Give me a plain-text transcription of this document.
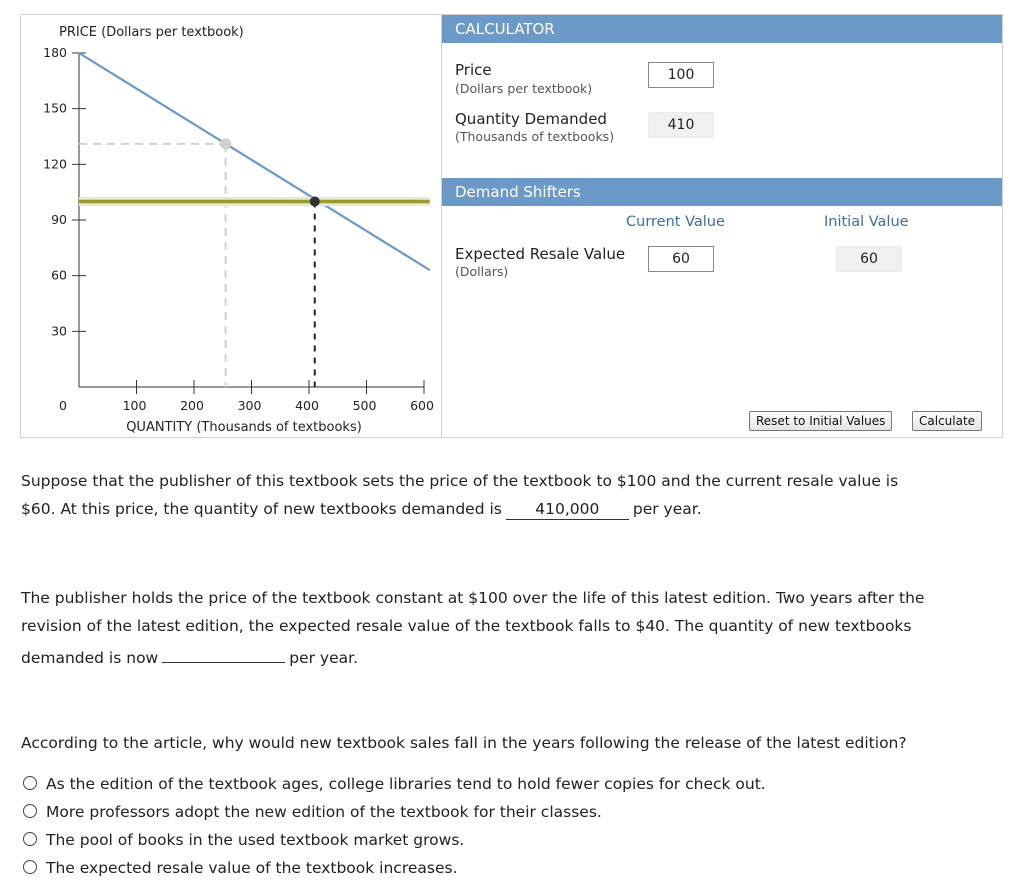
PRICE (Dollars per textbook)
QUANTITY (Thousands of textbooks)
0
30
60
90
120
150
180
100	200	300	400	500	600
CALCULATOR
Price
(Dollars per textbook)
100
Quantity Demanded
(Thousands of textbooks)
410
Demand Shifters
Current Value	Initial Value
Expected Resale Value
(Dollars)
60	60
Reset to Initial Values	Calculate
Suppose that the publisher of this textbook sets the price of the textbook to $100 and the current resale value is
$60. At this price, the quantity of new textbooks demanded is 410,000 per year.
The publisher holds the price of the textbook constant at $100 over the life of this latest edition. Two years after the
revision of the latest edition, the expected resale value of the textbook falls to $40. The quantity of new textbooks
demanded is now	per year.
According to the article, why would new textbook sales fall in the years following the release of the latest edition?
As the edition of the textbook ages, college libraries tend to hold fewer copies for check out.
More professors adopt the new edition of the textbook for their classes.
The pool of books in the used textbook market grows.
The expected resale value of the textbook increases.
